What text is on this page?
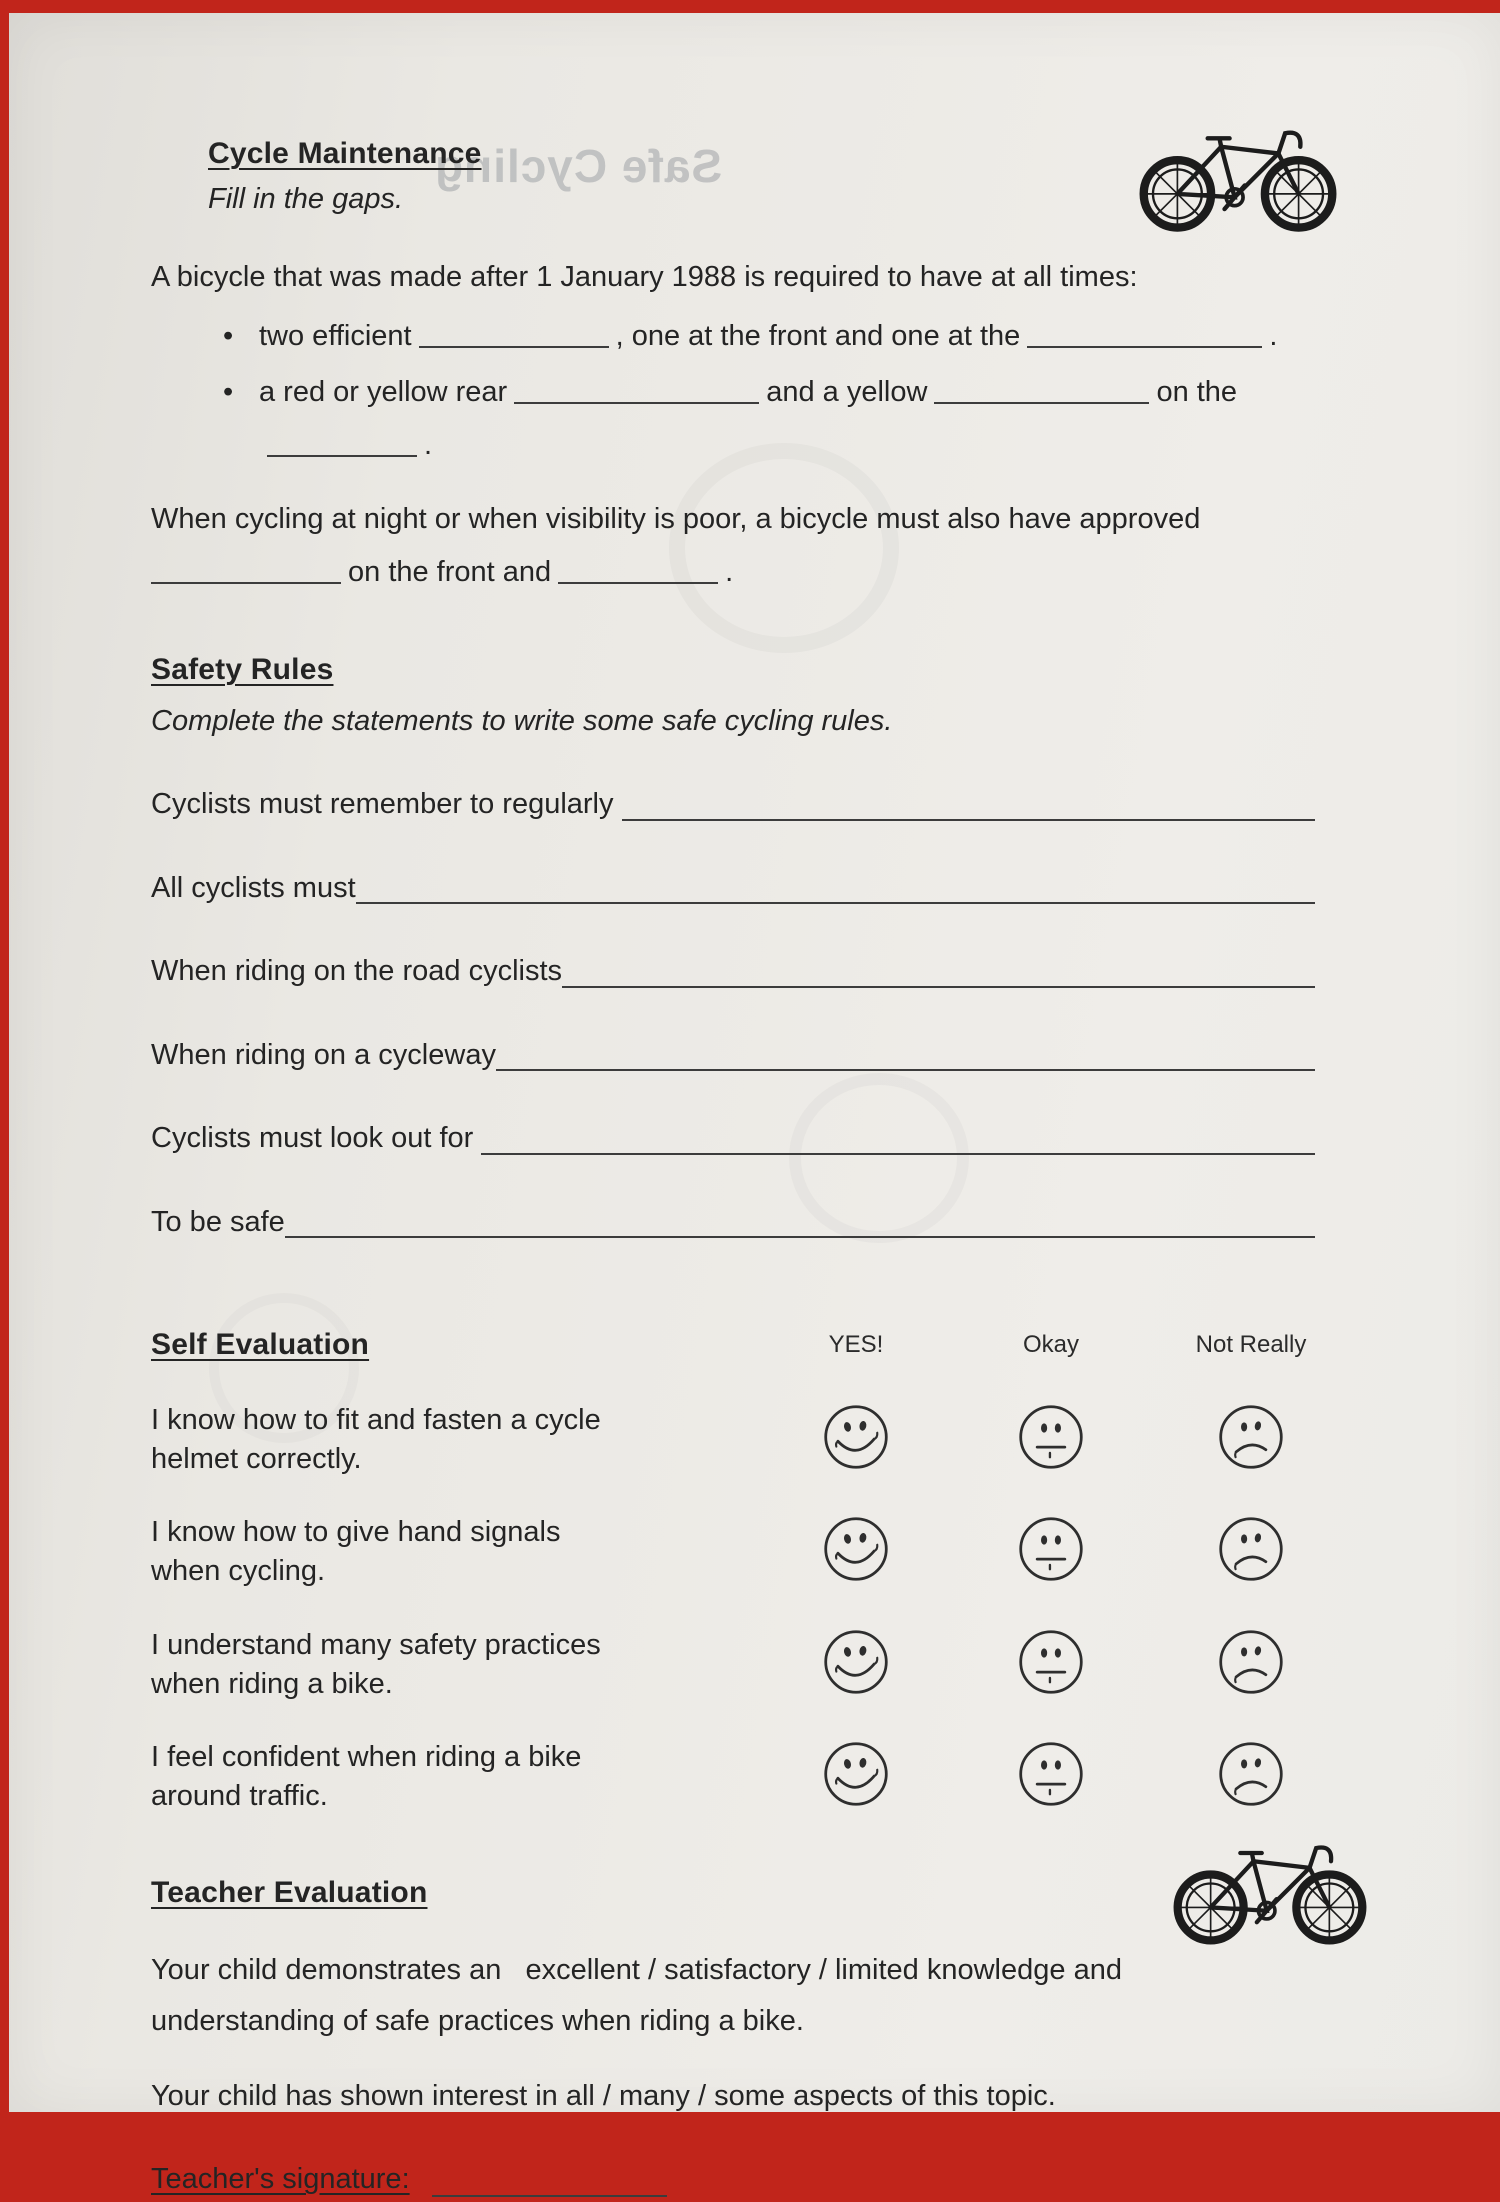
Safe Cycling
Cycle Maintenance
Fill in the gaps.
A bicycle that was made after 1 January 1988 is required to have at all times:
• two efficient	, one at the front and one at the	.
• a red or yellow rear	and a yellow	on the
.
When cycling at night or when visibility is poor, a bicycle must also have approved
on the front and	.
Safety Rules
Complete the statements to write some safe cycling rules.
Cyclists must remember to regularly
All cyclists must
When riding on the road cyclists
When riding on a cycleway
Cyclists must look out for
To be safe
Self Evaluation	YES!	Okay	Not Really
I know how to fit and fasten a cycle helmet correctly.
I know how to give hand signals when cycling.
I understand many safety practices when riding a bike.
I feel confident when riding a bike around traffic.
Teacher Evaluation
Your child demonstrates an   excellent / satisfactory / limited knowledge and understanding of safe practices when riding a bike.
Your child has shown interest in all / many / some aspects of this topic.
Teacher's signature:
